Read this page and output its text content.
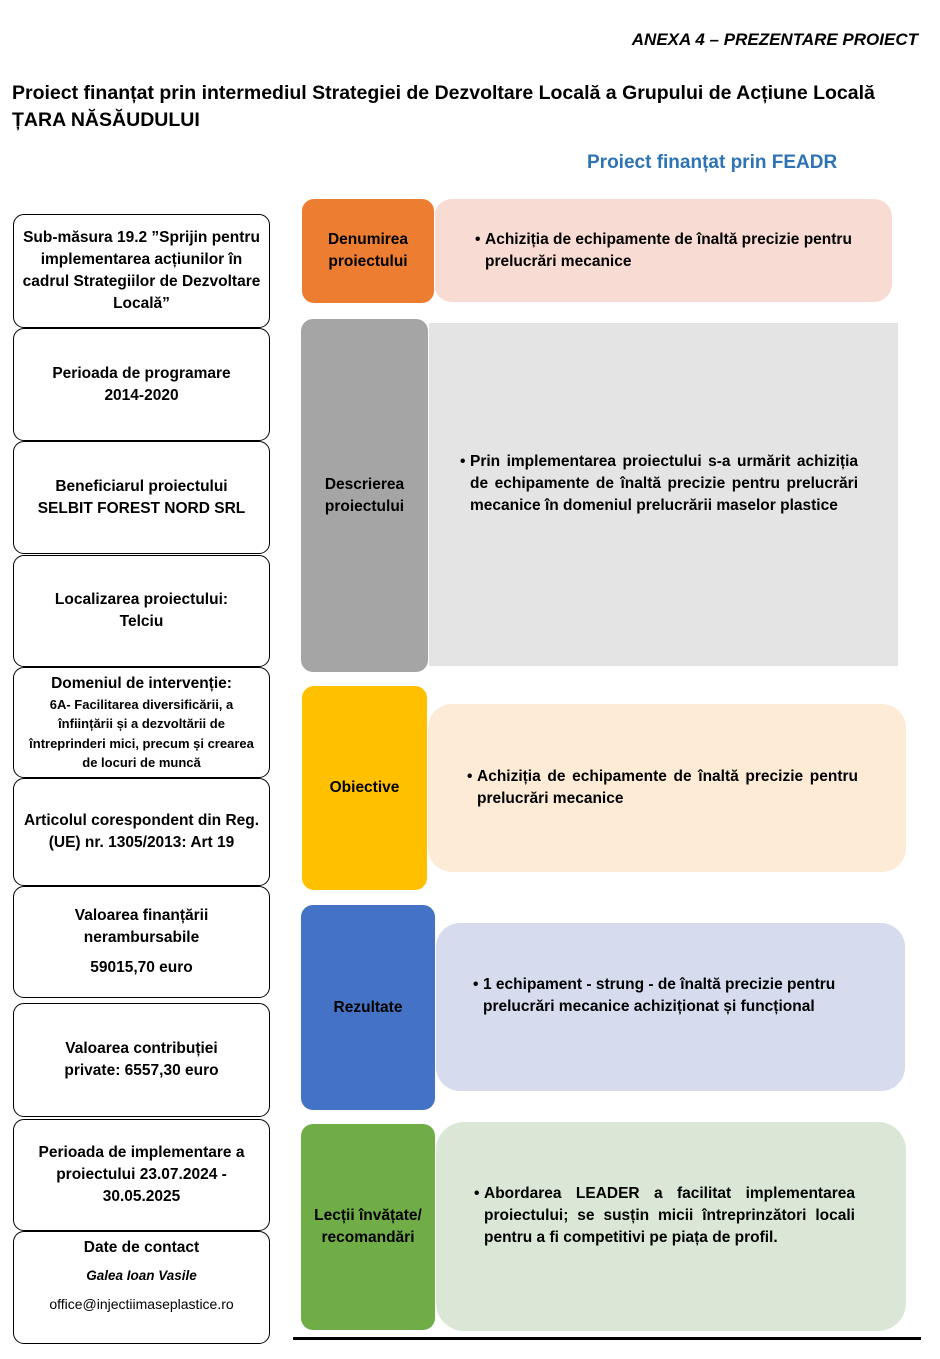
ANEXA 4 – PREZENTARE PROIECT
Proiect finanțat prin intermediul Strategiei de Dezvoltare Locală a Grupului de Acțiune Locală ȚARA NĂSĂUDULUI
Proiect finanțat prin FEADR
Sub-măsura 19.2 ”Sprijin pentru implementarea acțiunilor în cadrul Strategiilor de Dezvoltare Locală”
Perioada de programare
2014-2020
Beneficiarul proiectului
SELBIT FOREST NORD SRL
Localizarea proiectului: Telciu
Domeniul de intervenție:
6A- Facilitarea diversificării, a înființării și a dezvoltării de întreprinderi mici, precum și crearea de locuri de muncă
Articolul corespondent din Reg. (UE) nr. 1305/2013: Art 19
Valoarea finanțării nerambursabile
59015,70 euro
Valoarea contribuției private: 6557,30 euro
Perioada de implementare a proiectului 23.07.2024 - 30.05.2025
Date de contact
Galea Ioan Vasile
office@injectiimaseplastice.ro
• Achiziția de echipamente de înaltă precizie pentru prelucrări mecanice
• Prin implementarea proiectului s-a urmărit achiziția de echipamente de înaltă precizie pentru prelucrări mecanice în domeniul prelucrării maselor plastice
• Achiziția de echipamente de înaltă precizie pentru prelucrări mecanice
• 1 echipament - strung - de înaltă precizie pentru prelucrări mecanice achiziționat și funcțional
• Abordarea LEADER a facilitat implementarea proiectului; se susțin micii întreprinzători locali pentru a fi competitivi pe piața de profil.
Denumirea proiectului
Descrierea proiectului
Obiective
Rezultate
Lecții învățate/ recomandări
